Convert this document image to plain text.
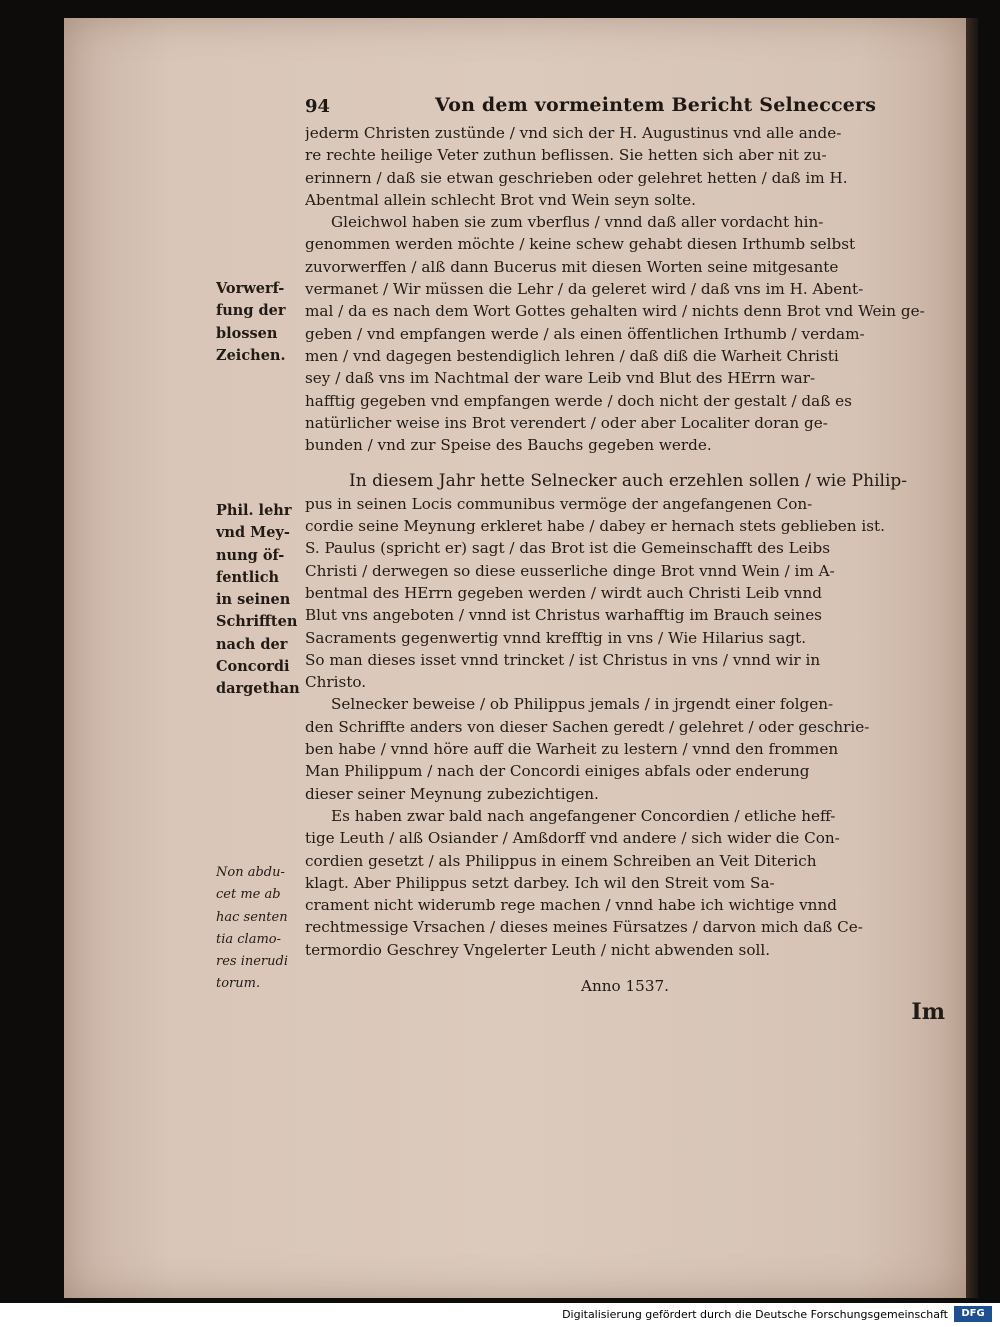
94	Von dem vormeintem Bericht Selneccers
jederm Christen zustünde / vnd sich der H. Augustinus vnd alle ande-
re rechte heilige Veter zuthun beflissen. Sie hetten sich aber nit zu-
erinnern / daß sie etwan geschrieben oder gelehret hetten / daß im H.
Abentmal allein schlecht Brot vnd Wein seyn solte.
Gleichwol haben sie zum vberflus / vnnd daß aller vordacht hin-
genommen werden möchte / keine schew gehabt diesen Irthumb selbst
zuvorwerffen / alß dann Bucerus mit diesen Worten seine mitgesante
vermanet / Wir müssen die Lehr / da geleret wird / daß vns im H. Abent-
mal / da es nach dem Wort Gottes gehalten wird / nichts denn Brot vnd Wein ge-
geben / vnd empfangen werde / als einen öffentlichen Irthumb / verdam-
men / vnd dagegen bestendiglich lehren / daß diß die Warheit Christi
sey / daß vns im Nachtmal der ware Leib vnd Blut des HErrn war-
hafftig gegeben vnd empfangen werde / doch nicht der gestalt / daß es
natürlicher weise ins Brot verendert / oder aber Localiter doran ge-
bunden / vnd zur Speise des Bauchs gegeben werde.
In diesem Jahr hette Selnecker auch erzehlen sollen / wie Philip-
pus in seinen Locis communibus vermöge der angefangenen Con-
cordie seine Meynung erkleret habe / dabey er hernach stets geblieben ist.
S. Paulus (spricht er) sagt / das Brot ist die Gemeinschafft des Leibs
Christi / derwegen so diese eusserliche dinge Brot vnnd Wein / im A-
bentmal des HErrn gegeben werden / wirdt auch Christi Leib vnnd
Blut vns angeboten / vnnd ist Christus warhafftig im Brauch seines
Sacraments gegenwertig vnnd krefftig in vns / Wie Hilarius sagt.
So man dieses isset vnnd trincket / ist Christus in vns / vnnd wir in
Christo.
Selnecker beweise / ob Philippus jemals / in jrgendt einer folgen-
den Schriffte anders von dieser Sachen geredt / gelehret / oder geschrie-
ben habe / vnnd höre auff die Warheit zu lestern / vnnd den frommen
Man Philippum / nach der Concordi einiges abfals oder enderung
dieser seiner Meynung zubezichtigen.
Es haben zwar bald nach angefangener Concordien / etliche heff-
tige Leuth / alß Osiander / Amßdorff vnd andere / sich wider die Con-
cordien gesetzt / als Philippus in einem Schreiben an Veit Diterich
klagt. Aber Philippus setzt darbey. Ich wil den Streit vom Sa-
crament nicht widerumb rege machen / vnnd habe ich wichtige vnnd
rechtmessige Vrsachen / dieses meines Fürsatzes / darvon mich daß Ce-
termordio Geschrey Vngelerter Leuth / nicht abwenden soll.
Anno 1537.
Im
Vorwerf-
fung der
blossen
Zeichen.
Phil. lehr
vnd Mey-
nung öf-
fentlich
in seinen
Schrifften
nach der
Concordi
dargethan
Non abdu-
cet me ab
hac senten
tia clamo-
res inerudi
torum.
Digitalisierung gefördert durch die Deutsche Forschungsgemeinschaft	DFG
